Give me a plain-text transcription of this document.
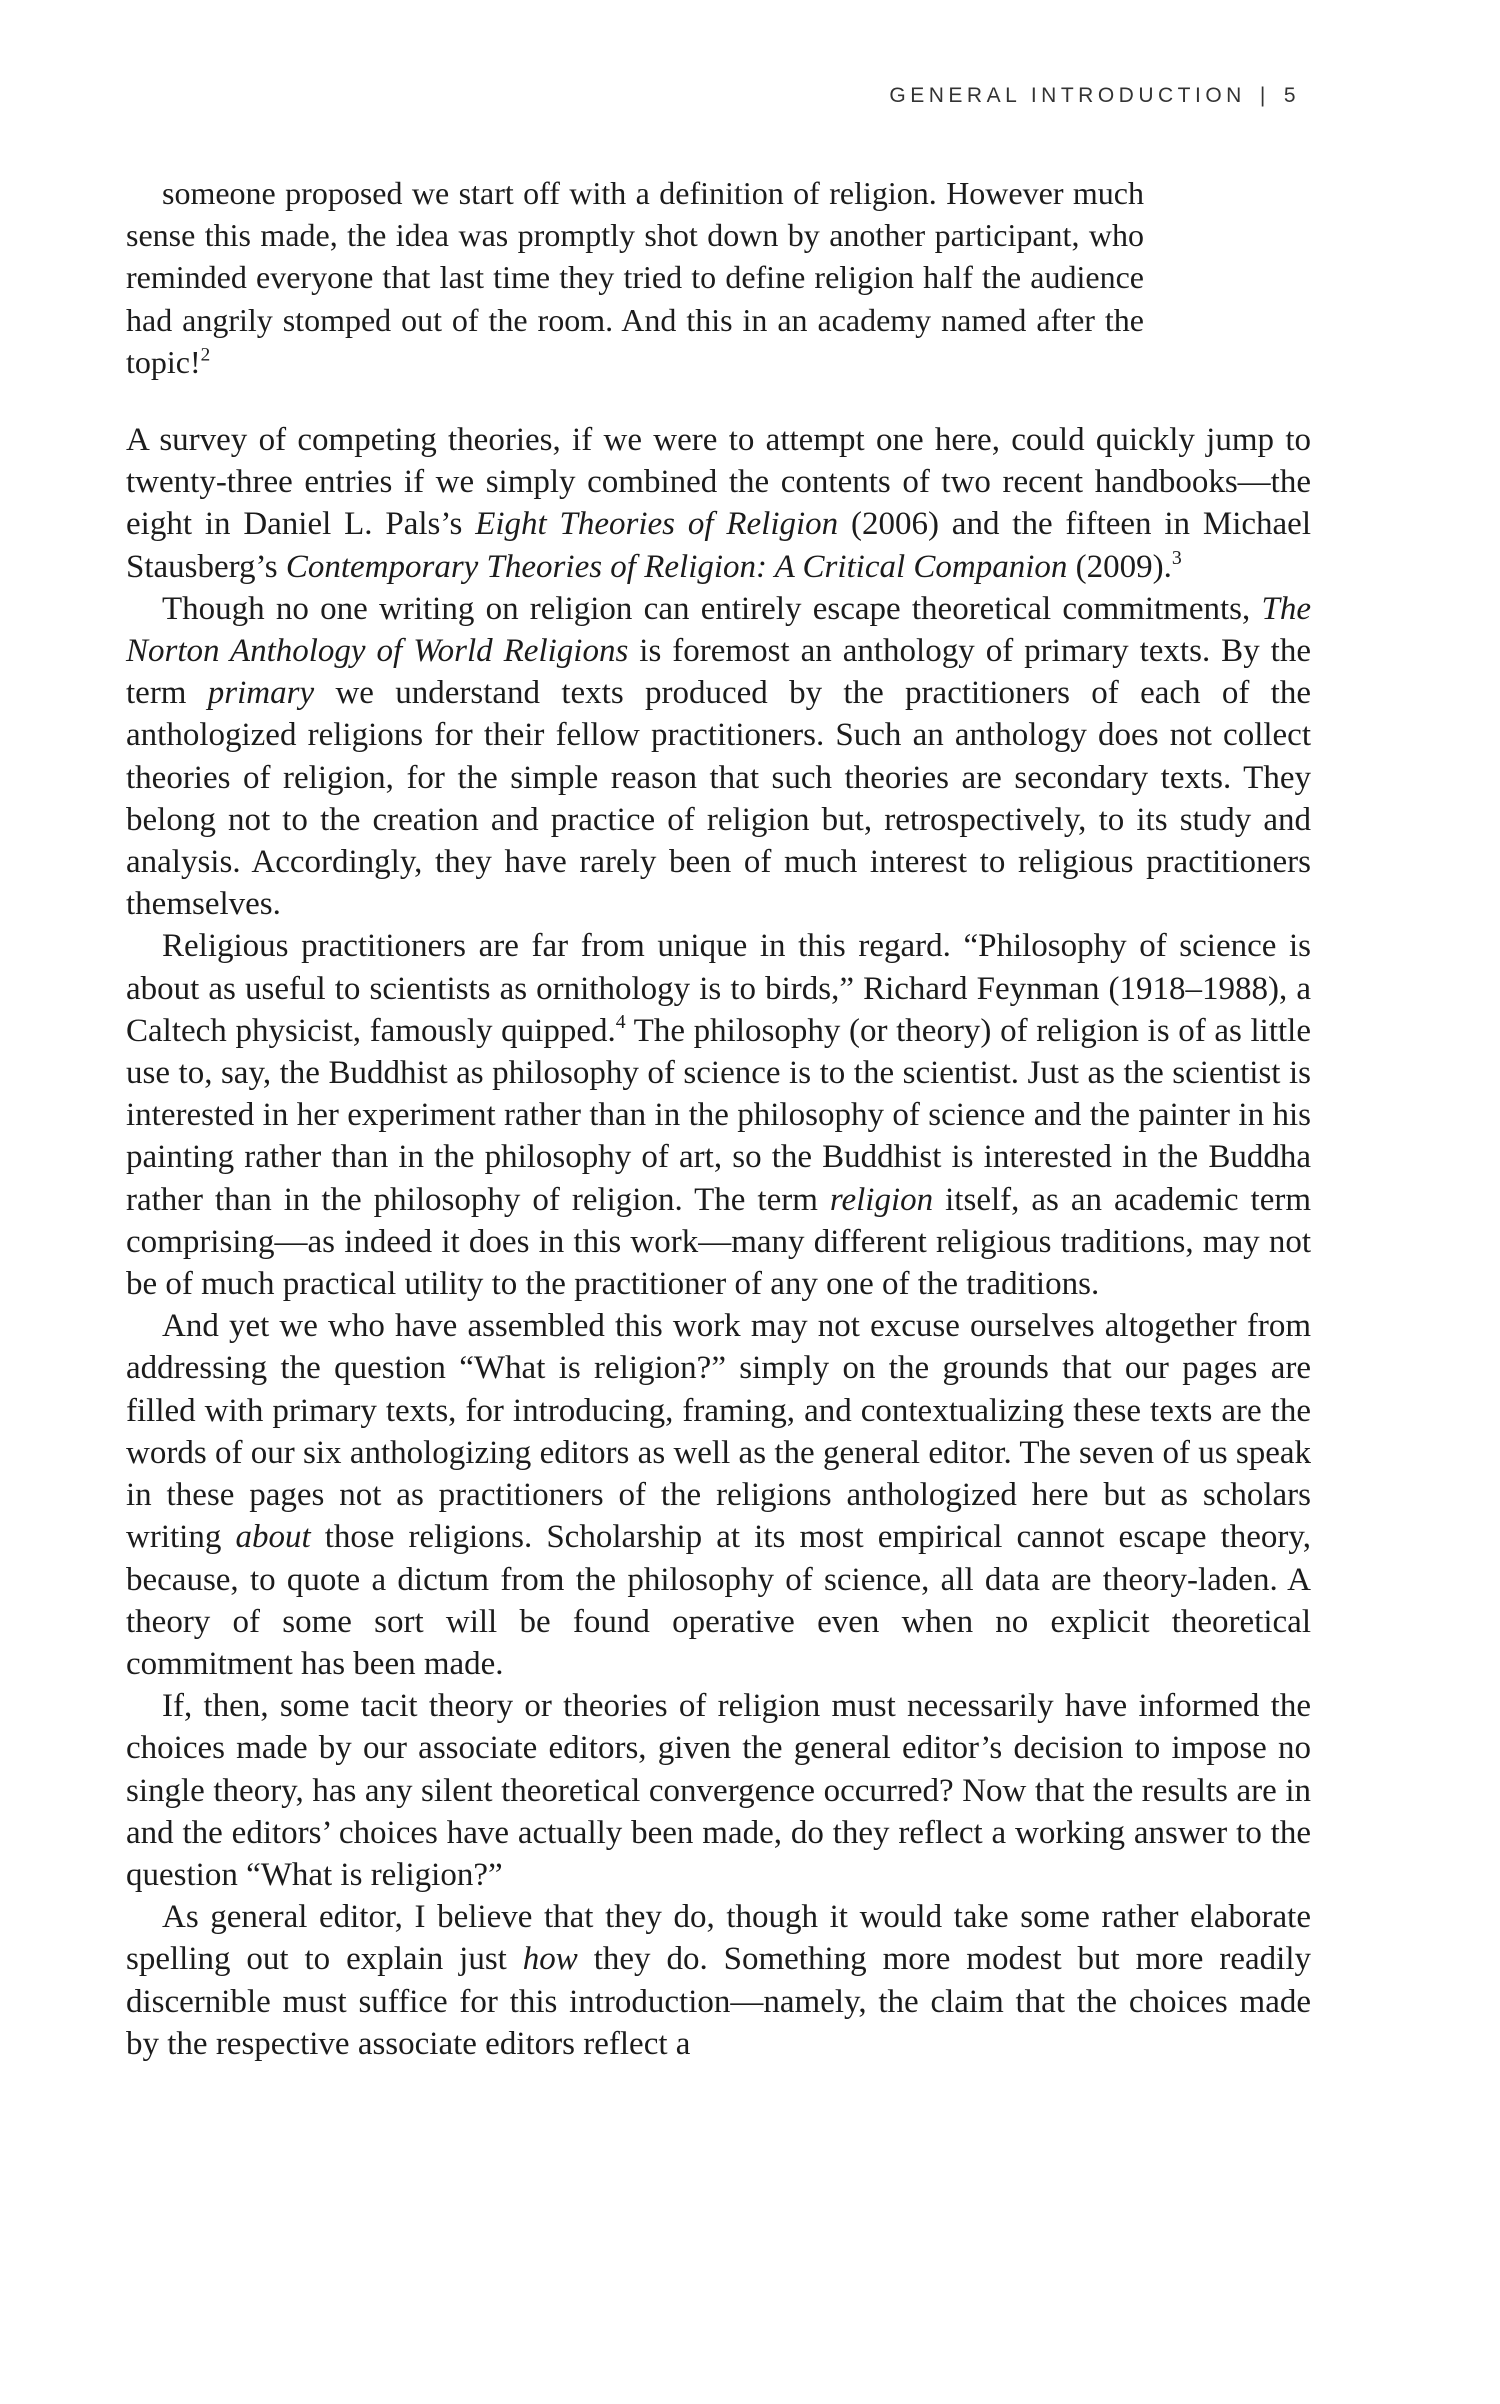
GENERAL INTRODUCTION | 5

someone proposed we start off with a definition of religion. However much sense this made, the idea was promptly shot down by another participant, who reminded everyone that last time they tried to define religion half the audience had angrily stomped out of the room. And this in an academy named after the topic!$^2$

A survey of competing theories, if we were to attempt one here, could quickly jump to twenty-three entries if we simply combined the contents of two recent handbooks—the eight in Daniel L. Pals’s Eight Theories of Religion (2006) and the fifteen in Michael Stausberg’s Contemporary Theories of Religion: A Critical Companion (2009).$^3$

Though no one writing on religion can entirely escape theoretical commitments, The Norton Anthology of World Religions is foremost an anthology of primary texts. By the term primary we understand texts produced by the practitioners of each of the anthologized religions for their fellow practitioners. Such an anthology does not collect theories of religion, for the simple reason that such theories are secondary texts. They belong not to the creation and practice of religion but, retrospectively, to its study and analysis. Accordingly, they have rarely been of much interest to religious practitioners themselves.

Religious practitioners are far from unique in this regard. “Philosophy of science is about as useful to scientists as ornithology is to birds,” Richard Feynman (1918–1988), a Caltech physicist, famously quipped.$^4$ The philosophy (or theory) of religion is of as little use to, say, the Buddhist as philosophy of science is to the scientist. Just as the scientist is interested in her experiment rather than in the philosophy of science and the painter in his painting rather than in the philosophy of art, so the Buddhist is interested in the Buddha rather than in the philosophy of religion. The term religion itself, as an academic term comprising—as indeed it does in this work—many different religious traditions, may not be of much practical utility to the practitioner of any one of the traditions.

And yet we who have assembled this work may not excuse ourselves altogether from addressing the question “What is religion?” simply on the grounds that our pages are filled with primary texts, for introducing, framing, and contextualizing these texts are the words of our six anthologizing editors as well as the general editor. The seven of us speak in these pages not as practitioners of the religions anthologized here but as scholars writing about those religions. Scholarship at its most empirical cannot escape theory, because, to quote a dictum from the philosophy of science, all data are theory-laden. A theory of some sort will be found operative even when no explicit theoretical commitment has been made.

If, then, some tacit theory or theories of religion must necessarily have informed the choices made by our associate editors, given the general editor’s decision to impose no single theory, has any silent theoretical convergence occurred? Now that the results are in and the editors’ choices have actually been made, do they reflect a working answer to the question “What is religion?”

As general editor, I believe that they do, though it would take some rather elaborate spelling out to explain just how they do. Something more modest but more readily discernible must suffice for this introduction—namely, the claim that the choices made by the respective associate editors reflect a
